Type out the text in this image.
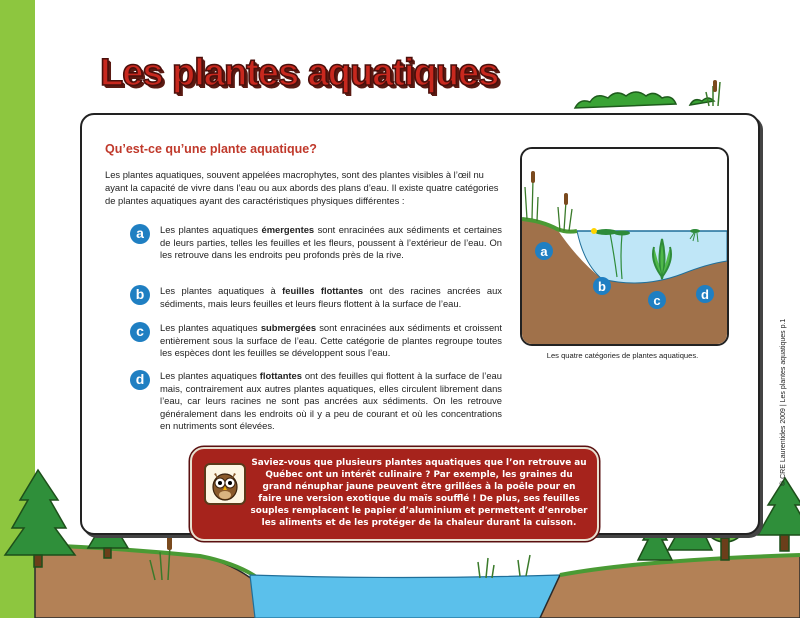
Les plantes aquatiques
Qu’est-ce qu’une plante aquatique?

Les plantes aquatiques, souvent appelées macrophytes, sont des plantes visibles à l’œil nu ayant la capacité de vivre dans l’eau ou aux abords des plans d’eau. Il existe quatre catégories de plantes aquatiques ayant des caractéristiques physiques différentes :

a	Les plantes aquatiques émergentes sont enracinées aux sédiments et certaines de leurs parties, telles les feuilles et les fleurs, poussent à l’extérieur de l’eau. On les retrouve dans les endroits peu profonds près de la rive.
b	Les plantes aquatiques à feuilles flottantes ont des racines ancrées aux sédiments, mais leurs feuilles et leurs fleurs flottent à la surface de l’eau.
c	Les plantes aquatiques submergées sont enracinées aux sédiments et croissent entièrement sous la surface de l’eau. Cette catégorie de plantes regroupe toutes les espèces dont les feuilles se développent sous l’eau.
d	Les plantes aquatiques flottantes ont des feuilles qui flottent à la surface de l’eau mais, contrairement aux autres plantes aquatiques, elles circulent librement dans l’eau, car leurs racines ne sont pas ancrées aux sédiments. On les retrouve généralement dans les endroits où il y a peu de courant et où les concentrations en nutriments sont élevées.
a
b
c	d

Les quatre catégories de plantes aquatiques.

Saviez-vous que plusieurs plantes aquatiques que l’on retrouve au Québec ont un intérêt culinaire ? Par exemple, les graines du grand nénuphar jaune peuvent être grillées à la poêle pour en faire une version exotique du maïs soufflé ! De plus, ses feuilles souples remplacent le papier d’aluminium et permettent d’enrober les aliments et de les protéger de la chaleur durant la cuisson.

© CRE Laurentides 2009 | Les plantes aquatiques p.1
